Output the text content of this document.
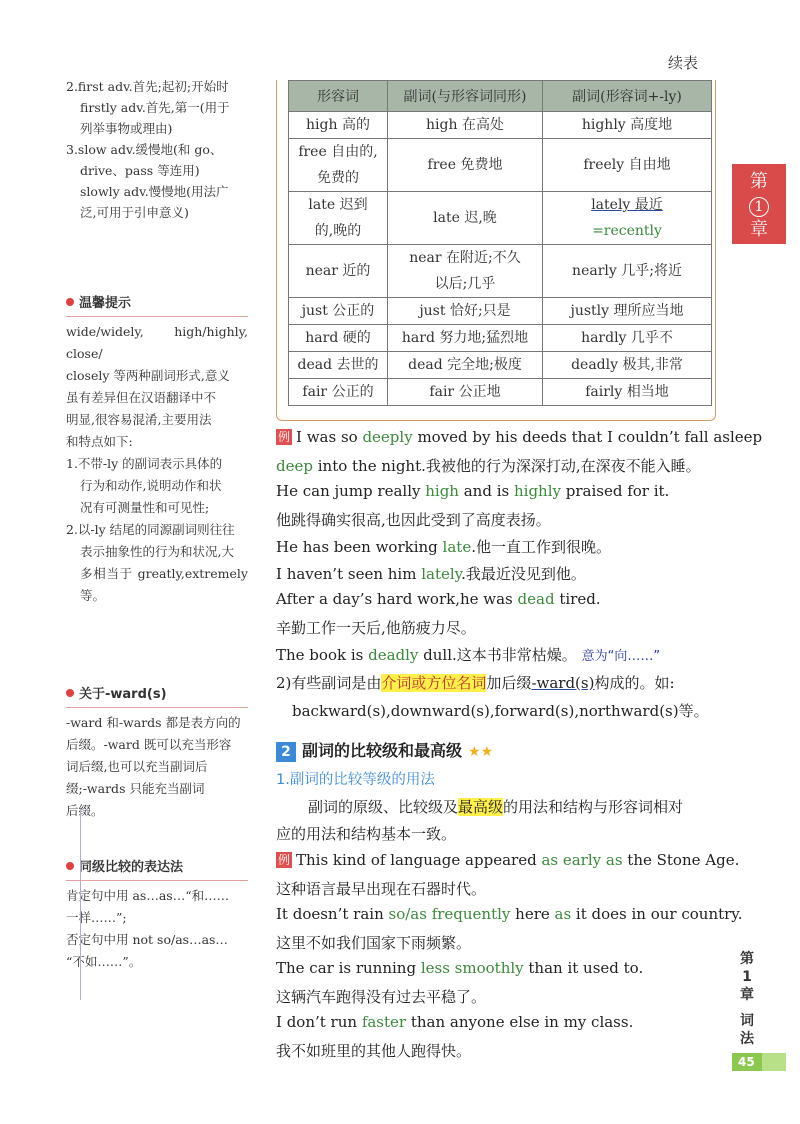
续表
2.first adv.首先;起初;开始时
firstly adv.首先,第一(用于
列举事物或理由)
3.slow adv.缓慢地(和 go、
drive、pass 等连用)
slowly adv.慢慢地(用法广
泛,可用于引申意义)
温馨提示
wide/widely, high/highly, close/
closely 等两种副词形式,意义
虽有差异但在汉语翻译中不
明显,很容易混淆,主要用法
和特点如下:
1.不带-ly 的副词表示具体的
行为和动作,说明动作和状
况有可测量性和可见性;
2.以-ly 结尾的同源副词则往往
表示抽象性的行为和状况,大
多相当于 greatly,extremely 等。
关于-ward(s)
-ward 和-wards 都是表方向的
后缀。-ward 既可以充当形容
词后缀,也可以充当副词后
缀;-wards 只能充当副词
后缀。
同级比较的表达法
肯定句中用 as…as…“和……
一样……”;
否定句中用 not so/as…as…
“不如……”。
形容词	副词(与形容词同形)	副词(形容词+-ly)
high 高的	high 在高处	highly 高度地
free 自由的,
免费的	free 免费地	freely 自由地
late 迟到
的,晚的	late 迟,晚	lately 最近
=recently
near 近的	near 在附近;不久
以后;几乎	nearly 几乎;将近
just 公正的	just 恰好;只是	justly 理所应当地
hard 硬的	hard 努力地;猛烈地	hardly 几乎不
dead 去世的	dead 完全地;极度	deadly 极其,非常
fair 公正的	fair 公正地	fairly 相当地
例 I was so deeply moved by his deeds that I couldn’t fall asleep
deep into the night.我被他的行为深深打动,在深夜不能入睡。
He can jump really high and is highly praised for it.
他跳得确实很高,也因此受到了高度表扬。
He has been working late.他一直工作到很晚。
I haven’t seen him lately.我最近没见到他。
After a day’s hard work,he was dead tired.
辛勤工作一天后,他筋疲力尽。
The book is deadly dull.这本书非常枯燥。 意为“向……”
2)有些副词是由介词或方位名词加后缀-ward(s)构成的。如:
backward(s),downward(s),forward(s),northward(s)等。
2 副词的比较级和最高级 ★★
1.副词的比较等级的用法
副词的原级、比较级及最高级的用法和结构与形容词相对
应的用法和结构基本一致。
例 This kind of language appeared as early as the Stone Age.
这种语言最早出现在石器时代。
It doesn’t rain so/as frequently here as it does in our country.
这里不如我们国家下雨频繁。
The car is running less smoothly than it used to.
这辆汽车跑得没有过去平稳了。
I don’t run faster than anyone else in my class.
我不如班里的其他人跑得快。
第
1
章
第
1
章
词
法
45
